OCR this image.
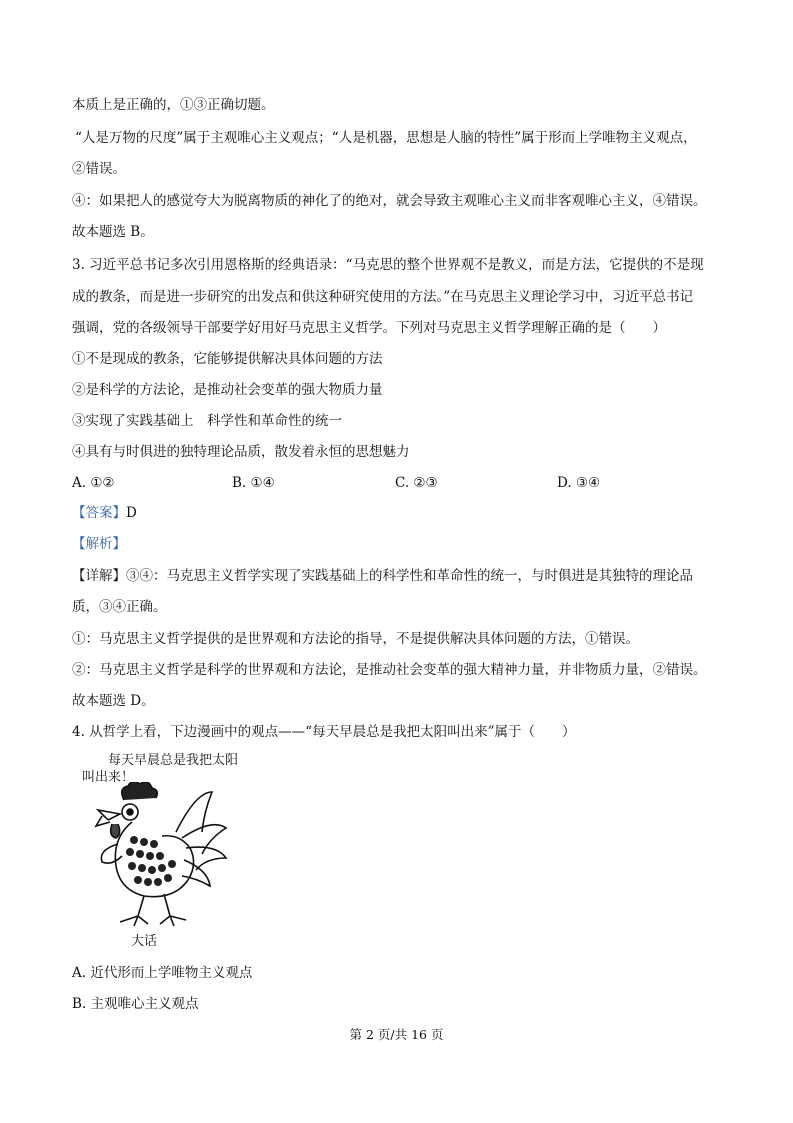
本质上是正确的，①③正确切题。
“人是万物的尺度”属于主观唯心主义观点；“人是机器，思想是人脑的特性”属于形而上学唯物主义观点，
②错误。
④：如果把人的感觉夸大为脱离物质的神化了的绝对，就会导致主观唯心主义而非客观唯心主义，④错误。
故本题选 B。
3. 习近平总书记多次引用恩格斯的经典语录：“马克思的整个世界观不是教义，而是方法，它提供的不是现
成的教条，而是进一步研究的出发点和供这种研究使用的方法。”在马克思主义理论学习中，习近平总书记
强调，党的各级领导干部要学好用好马克思主义哲学。下列对马克思主义哲学理解正确的是（　　）
①不是现成的教条，它能够提供解决具体问题的方法
②是科学的方法论，是推动社会变革的强大物质力量
③实现了实践基础上　科学性和革命性的统一
④具有与时俱进的独特理论品质，散发着永恒的思想魅力
A. ①②	B. ①④	C. ②③	D. ③④
【答案】D
【解析】
【详解】③④：马克思主义哲学实现了实践基础上的科学性和革命性的统一，与时俱进是其独特的理论品
质，③④正确。
①：马克思主义哲学提供的是世界观和方法论的指导，不是提供解决具体问题的方法，①错误。
②：马克思主义哲学是科学的世界观和方法论，是推动社会变革的强大精神力量，并非物质力量，②错误。
故本题选 D。
4. 从哲学上看，下边漫画中的观点——“每天早晨总是我把太阳叫出来”属于（　　）
每天早晨总是我把太阳
叫出来！
大话
A. 近代形而上学唯物主义观点
B. 主观唯心主义观点
第 2 页/共 16 页
